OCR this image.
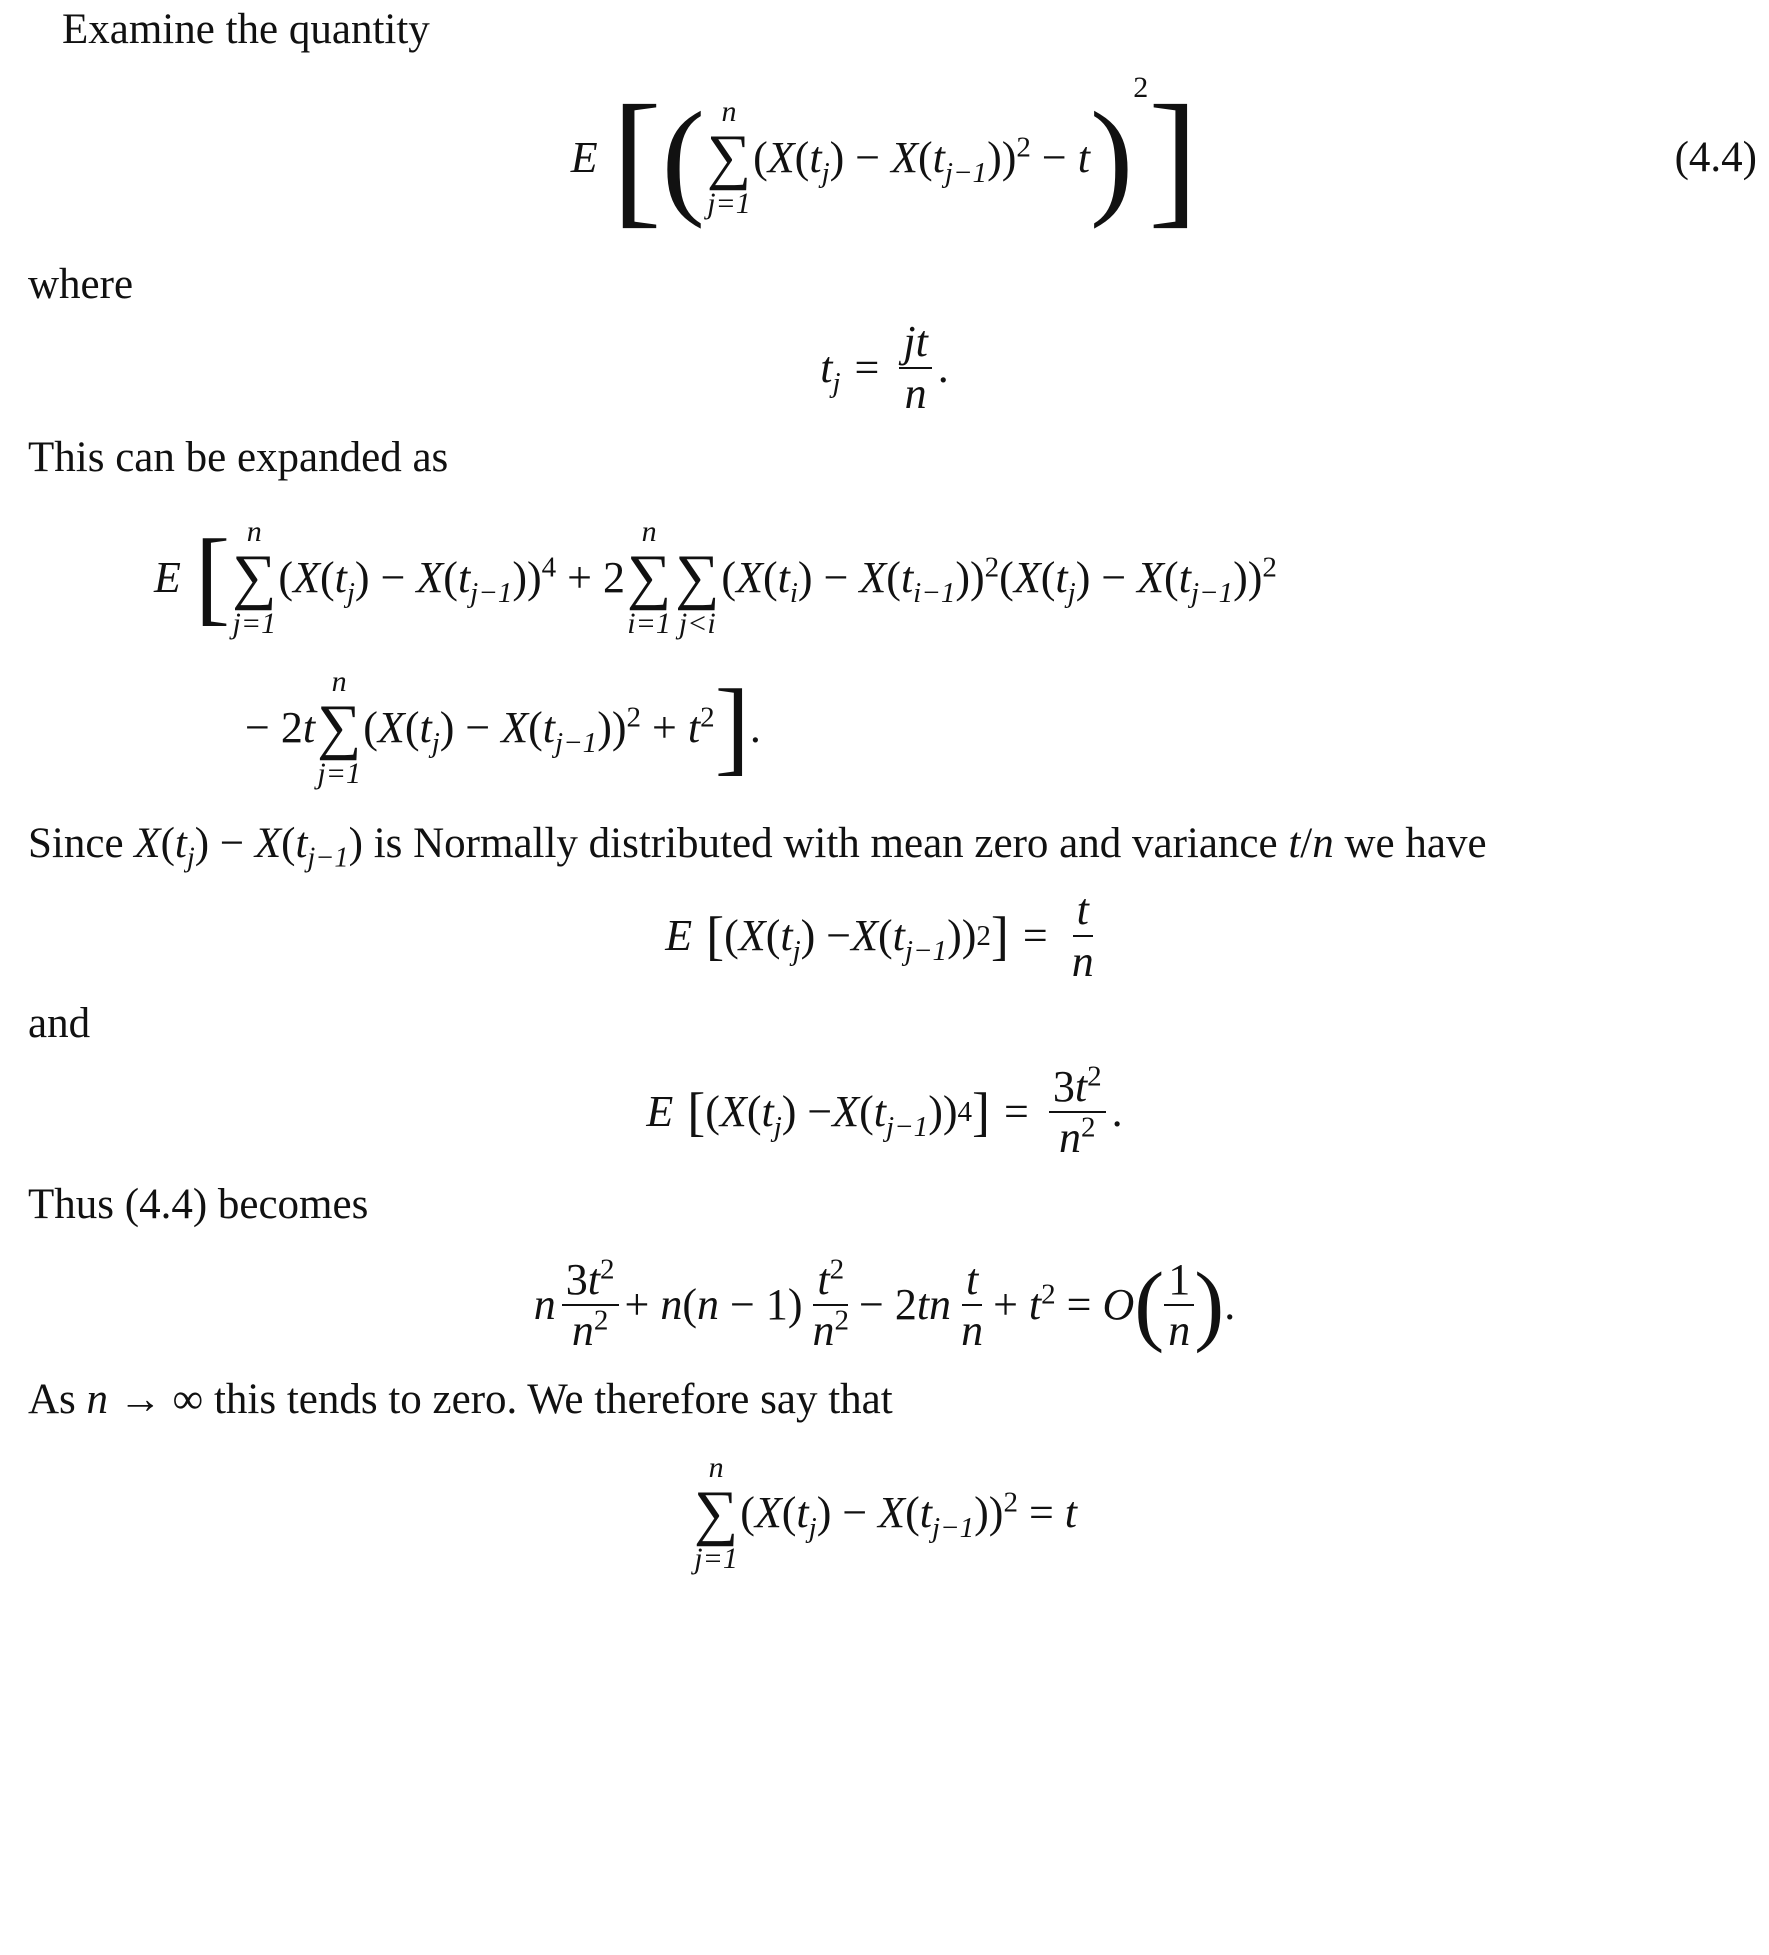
Examine the quantity
E [ ( n
∑
j=1
$(X(t_j) - X(t_{j-1}))^2 - t$ ) 2 ]	(4.4)
where
$t_j = \frac{jt}{n}$ .
This can be expanded as
E [ n
∑
j=1
$(X(t_j) - X(t_{j-1}))^4 + 2$
n
∑
i=1

∑
j<i
$(X(t_i) - X(t_{i-1}))^2(X(t_j) - X(t_{j-1}))^2$
− 2t
n
∑
j=1
$(X(t_j) - X(t_{j-1}))^2 + t^2$ ] .
Since $X(t_j) - X(t_{j-1})$ is Normally distributed with mean zero and variance t/n we have
E [ ( X ( $t_j$ ) − X ( $t_{j-1}$ )) 2 ] = $\frac{t}{n}$
and
E [ ( X ( $t_j$ ) − X ( $t_{j-1}$ )) 4 ] = $\frac{3t^2}{n^2}$ .
Thus (4.4) becomes
n $\frac{3t^2}{n^2} + n(n - 1) \frac{t^2}{n^2} - 2tn \frac{t}{n} + t^2 = O$ ( $\frac{1}{n}$ ) .
As n → ∞ this tends to zero. We therefore say that
n
∑
j=1
$(X(t_j) - X(t_{j-1}))^2 = t$
